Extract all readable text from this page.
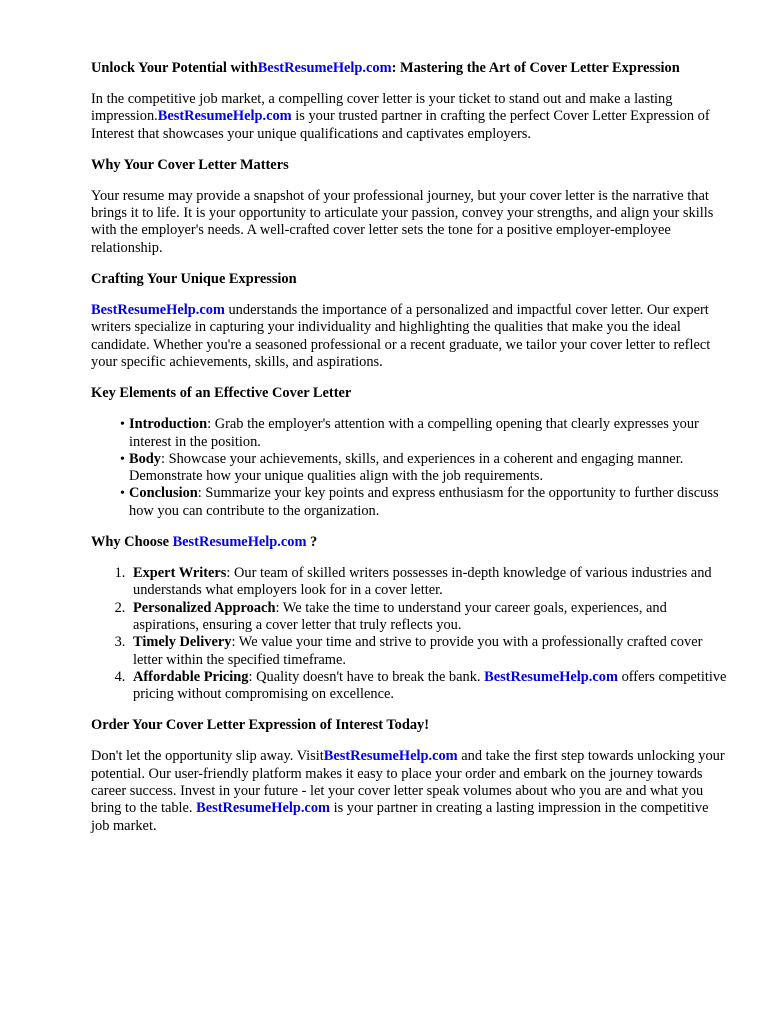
Unlock Your Potential withBestResumeHelp.com: Mastering the Art of Cover Letter Expression

In the competitive job market, a compelling cover letter is your ticket to stand out and make a lasting impression.BestResumeHelp.com is your trusted partner in crafting the perfect Cover Letter Expression of Interest that showcases your unique qualifications and captivates employers.

Why Your Cover Letter Matters

Your resume may provide a snapshot of your professional journey, but your cover letter is the narrative that brings it to life. It is your opportunity to articulate your passion, convey your strengths, and align your skills with the employer's needs. A well-crafted cover letter sets the tone for a positive employer-employee relationship.

Crafting Your Unique Expression

BestResumeHelp.com understands the importance of a personalized and impactful cover letter. Our expert writers specialize in capturing your individuality and highlighting the qualities that make you the ideal candidate. Whether you're a seasoned professional or a recent graduate, we tailor your cover letter to reflect your specific achievements, skills, and aspirations.

Key Elements of an Effective Cover Letter
• Introduction: Grab the employer's attention with a compelling opening that clearly expresses your interest in the position.
• Body: Showcase your achievements, skills, and experiences in a coherent and engaging manner. Demonstrate how your unique qualities align with the job requirements.
• Conclusion: Summarize your key points and express enthusiasm for the opportunity to further discuss how you can contribute to the organization.
Why Choose BestResumeHelp.com ?
1. Expert Writers: Our team of skilled writers possesses in-depth knowledge of various industries and understands what employers look for in a cover letter.
2. Personalized Approach: We take the time to understand your career goals, experiences, and aspirations, ensuring a cover letter that truly reflects you.
3. Timely Delivery: We value your time and strive to provide you with a professionally crafted cover letter within the specified timeframe.
4. Affordable Pricing: Quality doesn't have to break the bank. BestResumeHelp.com offers competitive pricing without compromising on excellence.
Order Your Cover Letter Expression of Interest Today!

Don't let the opportunity slip away. VisitBestResumeHelp.com and take the first step towards unlocking your potential. Our user-friendly platform makes it easy to place your order and embark on the journey towards career success. Invest in your future - let your cover letter speak volumes about who you are and what you bring to the table. BestResumeHelp.com is your partner in creating a lasting impression in the competitive job market.
